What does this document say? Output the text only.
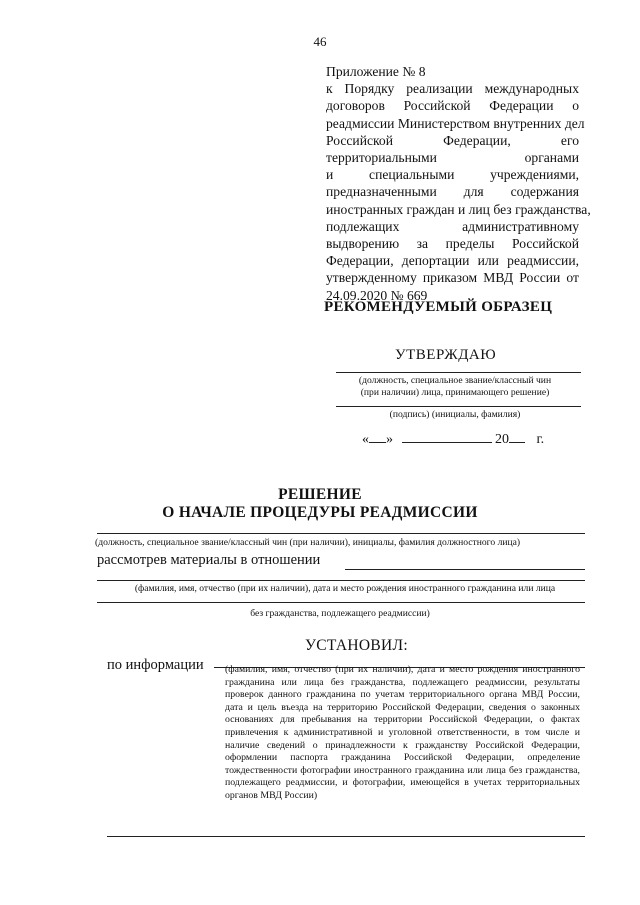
46
Приложение № 8
к Порядку реализации международных
договоров Российской Федерации о
реадмиссии Министерством внутренних дел
Российской Федерации, его
территориальными органами
и специальными учреждениями,
предназначенными для содержания
иностранных граждан и лиц без гражданства,
подлежащих административному
выдворению за пределы Российской
Федерации, депортации или реадмиссии,
утвержденному приказом МВД России от
24.09.2020 № 669
РЕКОМЕНДУЕМЫЙ ОБРАЗЕЦ
УТВЕРЖДАЮ
(должность, специальное звание/классный чин
(при наличии) лица, принимающего решение)
(подпись) (инициалы, фамилия)
« »	20 г.
РЕШЕНИЕ
О НАЧАЛЕ ПРОЦЕДУРЫ РЕАДМИССИИ
(должность, специальное звание/классный чин (при наличии), инициалы, фамилия должностного лица)
рассмотрев материалы в отношении
(фамилия, имя, отчество (при их наличии), дата и место рождения иностранного гражданина или лица
без гражданства, подлежащего реадмиссии)
УСТАНОВИЛ:
по информации (фамилия, имя, отчество (при их наличии), дата и место рождения иностранного гражданина или лица без гражданства, подлежащего реадмиссии, результаты проверок данного гражданина по учетам территориального органа МВД России, дата и цель въезда на территорию Российской Федерации, сведения о законных основаниях для пребывания на территории Российской Федерации, о фактах привлечения к административной и уголовной ответственности, в том числе и наличие сведений о принадлежности к гражданству Российской Федерации, оформлении паспорта гражданина Российской Федерации, определение тождественности фотографии иностранного гражданина или лица без гражданства, подлежащего реадмиссии, и фотографии, имеющейся в учетах территориальных органов МВД России)
